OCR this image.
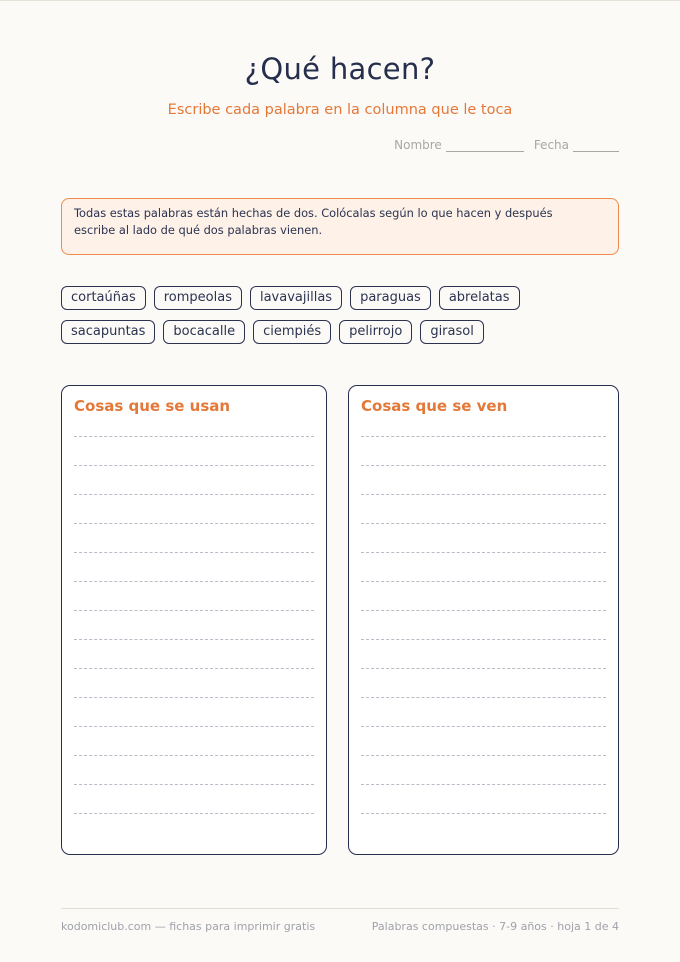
¿Qué hacen?
Escribe cada palabra en la columna que le toca
Nombre	Fecha
Todas estas palabras están hechas de dos. Colócalas según lo que hacen y después
escribe al lado de qué dos palabras vienen.
cortaúñas	rompeolas	lavavajillas	paraguas	abrelatas
sacapuntas	bocacalle	ciempiés	pelirrojo	girasol
Cosas que se usan	Cosas que se ven
kodomiclub.com — fichas para imprimir gratis	Palabras compuestas · 7-9 años · hoja 1 de 4
